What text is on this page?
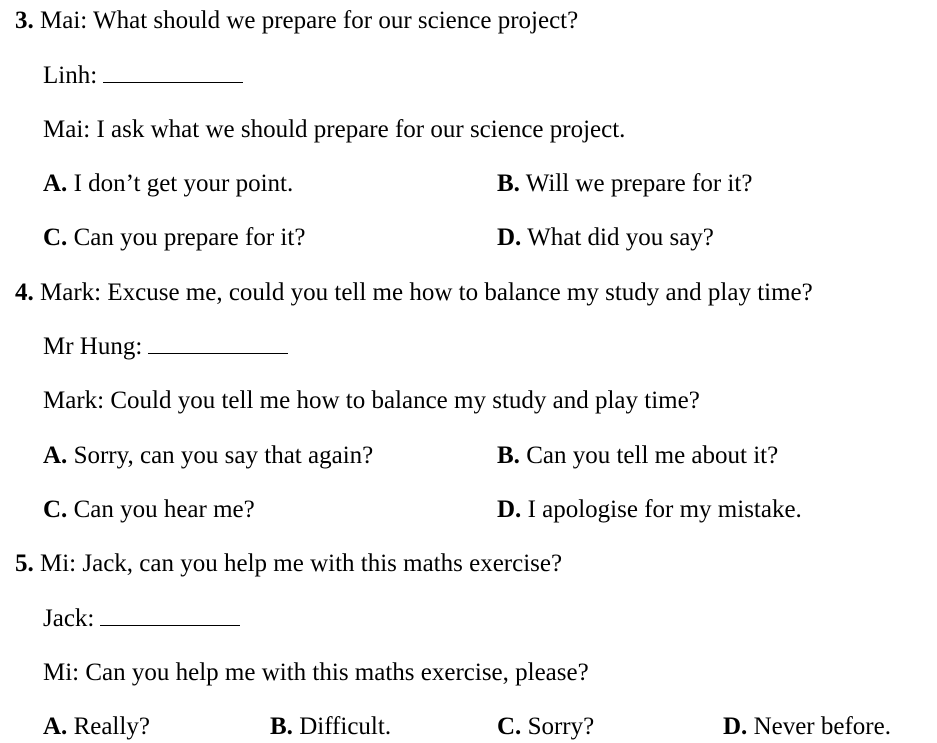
3. Mai: What should we prepare for our science project?
Linh:
Mai: I ask what we should prepare for our science project.
A. I don’t get your point.	B. Will we prepare for it?
C. Can you prepare for it?	D. What did you say?
4. Mark: Excuse me, could you tell me how to balance my study and play time?
Mr Hung:
Mark: Could you tell me how to balance my study and play time?
A. Sorry, can you say that again?	B. Can you tell me about it?
C. Can you hear me?	D. I apologise for my mistake.
5. Mi: Jack, can you help me with this maths exercise?
Jack:
Mi: Can you help me with this maths exercise, please?
A. Really?	B. Difficult.	C. Sorry?	D. Never before.
